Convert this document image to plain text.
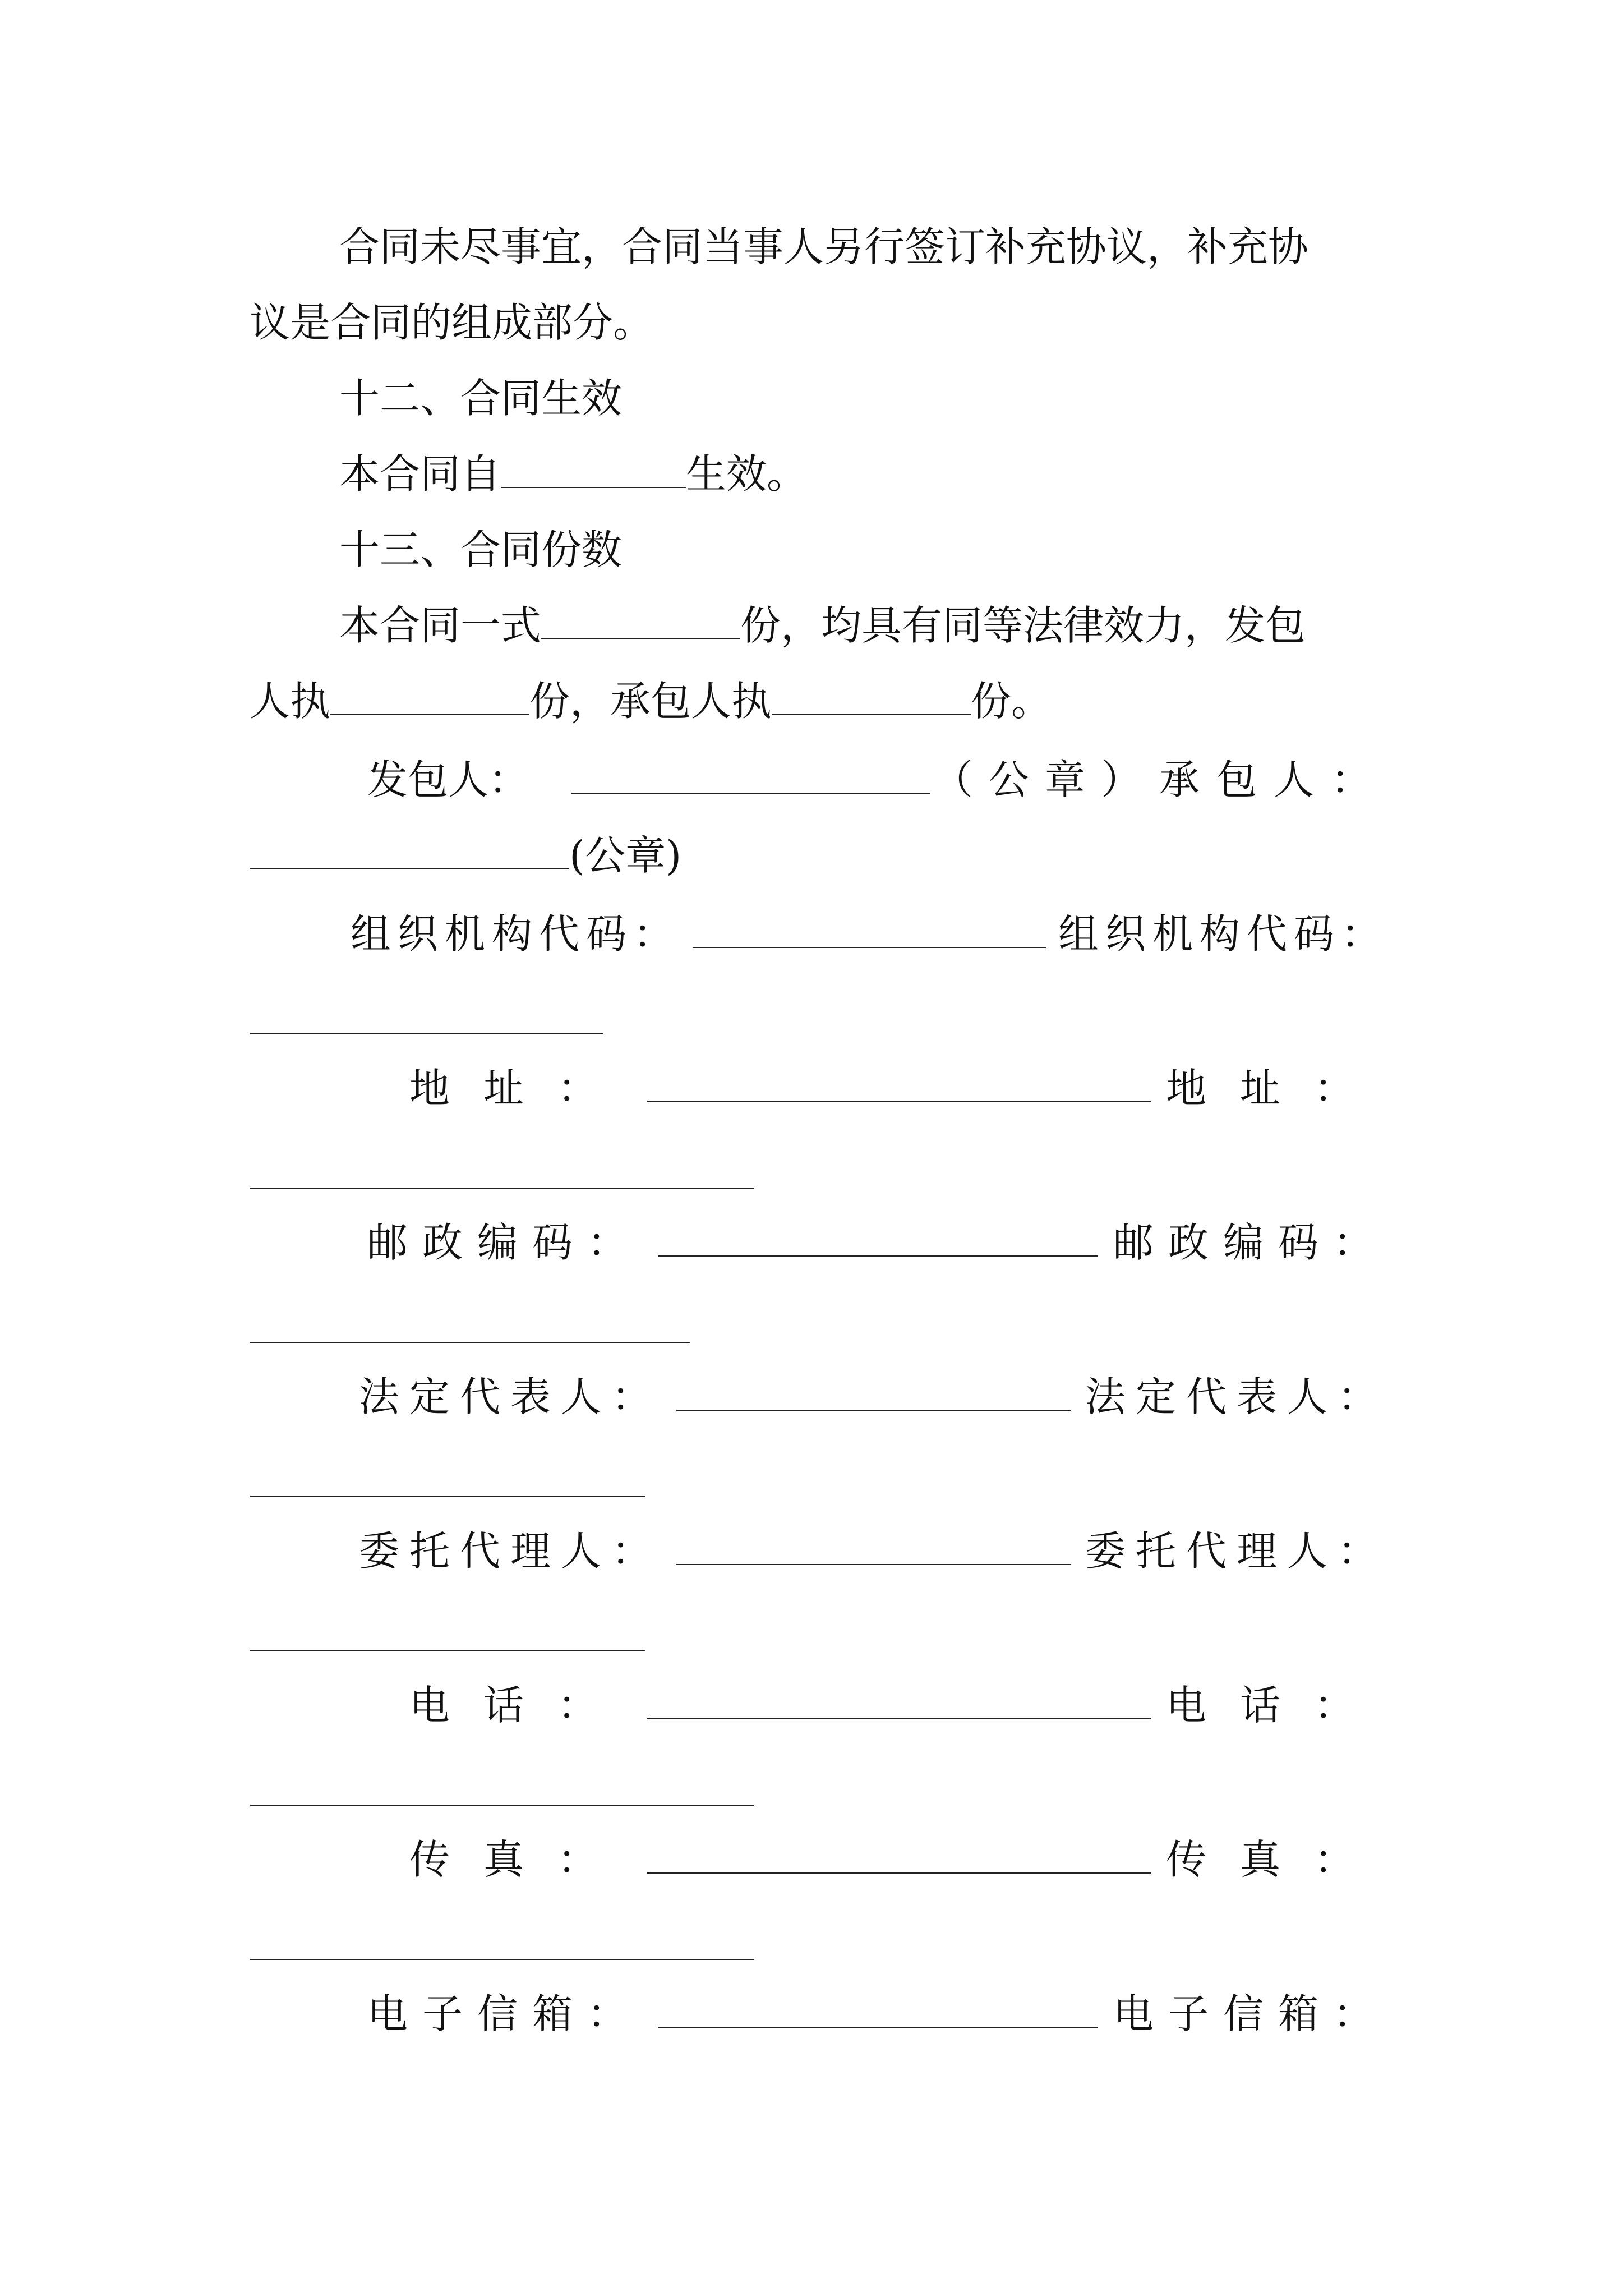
合同未尽事宜，合同当事人另行签订补充协议，补充协
议是合同的组成部分。
十二、合同生效
本合同自	生效。
十三、合同份数
本合同一式	份，均具有同等法律效力，发包
人执	份，承包人执	份。
发包人：	（公章） 承包人：
(公章)
组织机构代码：	组织机构代码：
地址：	地址：
邮政编码：	邮政编码：
法定代表人：	法定代表人：
委托代理人：	委托代理人：
电话：	电话：
传真：	传真：
电子信箱：	电子信箱：
